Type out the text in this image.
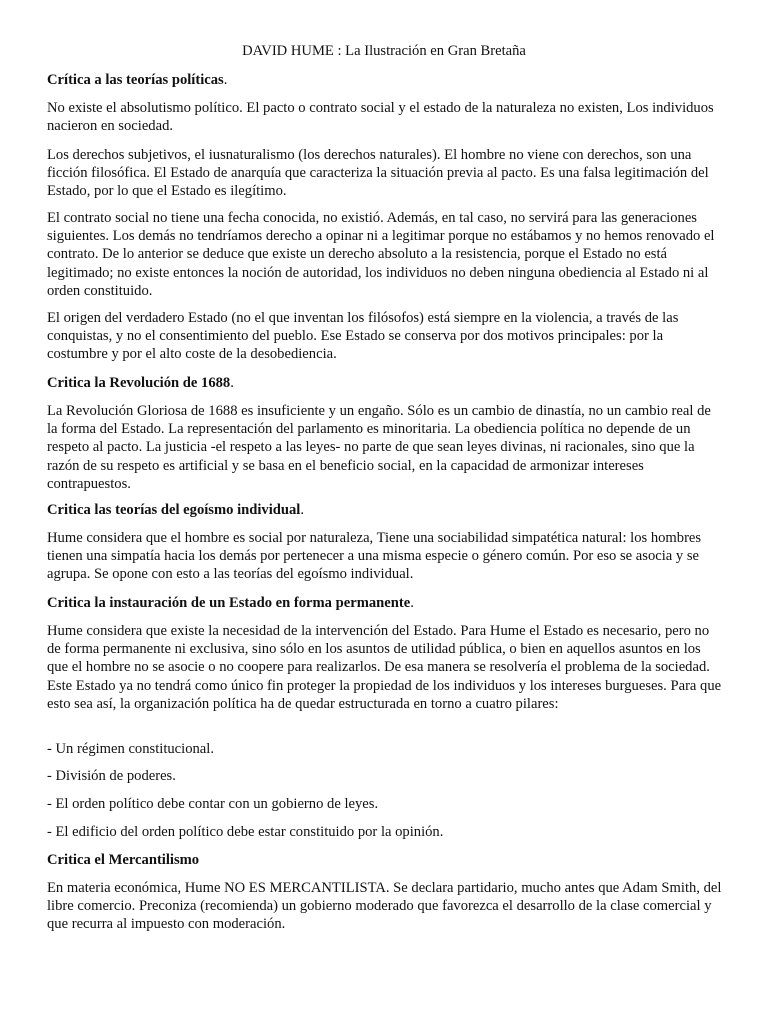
DAVID HUME : La Ilustración en Gran Bretaña

Crítica a las teorías políticas.

No existe el absolutismo político. El pacto o contrato social y el estado de la naturaleza no existen, Los individuos nacieron en sociedad.

Los derechos subjetivos, el iusnaturalismo (los derechos naturales). El hombre no viene con derechos, son una ficción filosófica. El Estado de anarquía que caracteriza la situación previa al pacto. Es una falsa legitimación del Estado, por lo que el Estado es ilegítimo.

El contrato social no tiene una fecha conocida, no existió. Además, en tal caso, no servirá para las generaciones siguientes. Los demás no tendríamos derecho a opinar ni a legitimar porque no estábamos y no hemos renovado el contrato. De lo anterior se deduce que existe un derecho absoluto a la resistencia, porque el Estado no está legitimado; no existe entonces la noción de autoridad, los individuos no deben ninguna obediencia al Estado ni al orden constituido.

El origen del verdadero Estado (no el que inventan los filósofos) está siempre en la violencia, a través de las conquistas, y no el consentimiento del pueblo. Ese Estado se conserva por dos motivos principales: por la costumbre y por el alto coste de la desobediencia.

Critica la Revolución de 1688.

La Revolución Gloriosa de 1688 es insuficiente y un engaño. Sólo es un cambio de dinastía, no un cambio real de la forma del Estado. La representación del parlamento es minoritaria. La obediencia política no depende de un respeto al pacto. La justicia -el respeto a las leyes- no parte de que sean leyes divinas, ni racionales, sino que la razón de su respeto es artificial y se basa en el beneficio social, en la capacidad de armonizar intereses contrapuestos.

Critica las teorías del egoísmo individual.

Hume considera que el hombre es social por naturaleza, Tiene una sociabilidad simpatética natural: los hombres tienen una simpatía hacia los demás por pertenecer a una misma especie o género común. Por eso se asocia y se agrupa. Se opone con esto a las teorías del egoísmo individual.

Critica la instauración de un Estado en forma permanente.

Hume considera que existe la necesidad de la intervención del Estado. Para Hume el Estado es necesario, pero no de forma permanente ni exclusiva, sino sólo en los asuntos de utilidad pública, o bien en aquellos asuntos en los que el hombre no se asocie o no coopere para realizarlos. De esa manera se resolvería el problema de la sociedad. Este Estado ya no tendrá como único fin proteger la propiedad de los individuos y los intereses burgueses. Para que esto sea así, la organización política ha de quedar estructurada en torno a cuatro pilares:

- Un régimen constitucional.

- División de poderes.

- El orden político debe contar con un gobierno de leyes.

- El edificio del orden político debe estar constituido por la opinión.

Critica el Mercantilismo

En materia económica, Hume NO ES MERCANTILISTA. Se declara partidario, mucho antes que Adam Smith, del libre comercio. Preconiza (recomienda) un gobierno moderado que favorezca el desarrollo de la clase comercial y que recurra al impuesto con moderación.
